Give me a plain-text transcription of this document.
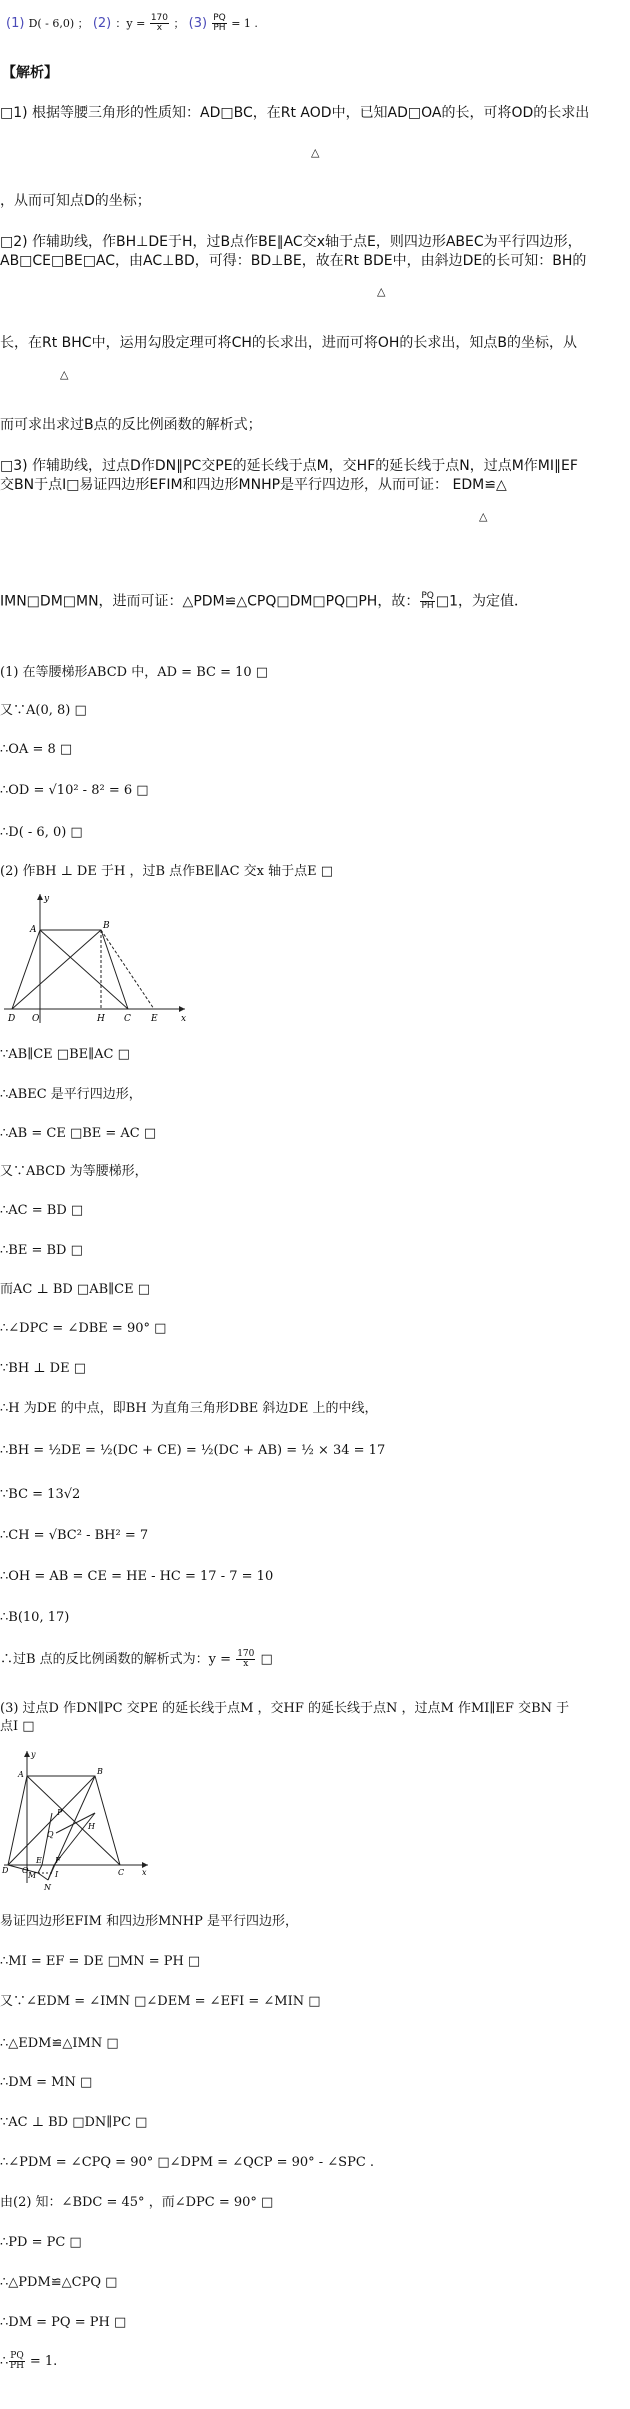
(1) D( - 6,0) ； (2) ：$y = \frac{170}{x}$ ； $(3) \frac{PQ}{PH} = 1$ .
【解析】
□1) 根据等腰三角形的性质知：AD□BC，在Rt AOD中，已知AD□OA的长，可将OD的长求出
△
，从而可知点D的坐标；
□2) 作辅助线，作BH⊥DE于H，过B点作BE∥AC交x轴于点E，则四边形ABEC为平行四边形，
AB□CE□BE□AC，由AC⊥BD，可得：BD⊥BE，故在Rt BDE中，由斜边DE的长可知：BH的
△
长，在Rt BHC中，运用勾股定理可将CH的长求出，进而可将OH的长求出，知点B的坐标，从
△
而可求出求过B点的反比例函数的解析式；
□3) 作辅助线，过点D作DN∥PC交PE的延长线于点M，交HF的延长线于点N，过点M作MI∥EF
交BN于点I□易证四边形EFIM和四边形MNHP是平行四边形，从而可证： EDM≌△
△
IMN□DM□MN，进而可证：△PDM≌△CPQ□DM□PQ□PH，故： $\frac{PQ}{PH}$ □1，为定值．
(1) 在等腰梯形ABCD 中，AD = BC = 10 □
又∵A(0, 8) □
∴OA = 8 □
∴OD = √10² - 8² = 6 □
∴D( - 6, 0) □
(2) 作BH ⊥ DE 于H ，过B 点作BE∥AC 交x 轴于点E □
y
A	B
D O	H C E	x
∵AB∥CE □BE∥AC □
∴ABEC 是平行四边形，
∴AB = CE □BE = AC □
又∵ABCD 为等腰梯形，
∴AC = BD □
∴BE = BD □
而AC ⊥ BD □AB∥CE □
∴∠DPC = ∠DBE = 90° □
∵BH ⊥ DE □
∴H 为DE 的中点，即BH 为直角三角形DBE 斜边DE 上的中线，
∴BH = ½DE = ½(DC + CE) = ½(DC + AB) = ½ × 34 = 17
∵BC = 13√2
∴CH = √BC² - BH² = 7
∴OH = AB = CE = HE - HC = 17 - 7 = 10
∴B(10, 17)
∴过B 点的反比例函数的解析式为：$y = \frac{170}{x}$ □
(3) 过点D 作DN∥PC 交PE 的延长线于点M ，交HF 的延长线于点N ，过点M 作MI∥EF 交BN 于
点I □
y
A	B
P
Q
H
D O
E F
C x
M I
N
易证四边形EFIM 和四边形MNHP 是平行四边形，
∴MI = EF = DE □MN = PH □
又∵∠EDM = ∠IMN □∠DEM = ∠EFI = ∠MIN □
∴△EDM≌△IMN □
∴DM = MN □
∵AC ⊥ BD □DN∥PC □
∴∠PDM = ∠CPQ = 90° □∠DPM = ∠QCP = 90° - ∠SPC .
由(2) 知：∠BDC = 45° ，而∠DPC = 90° □
∴PD = PC □
∴△PDM≌△CPQ □
∴DM = PQ = PH □
∴ $\frac{PQ}{PH} = 1$.
